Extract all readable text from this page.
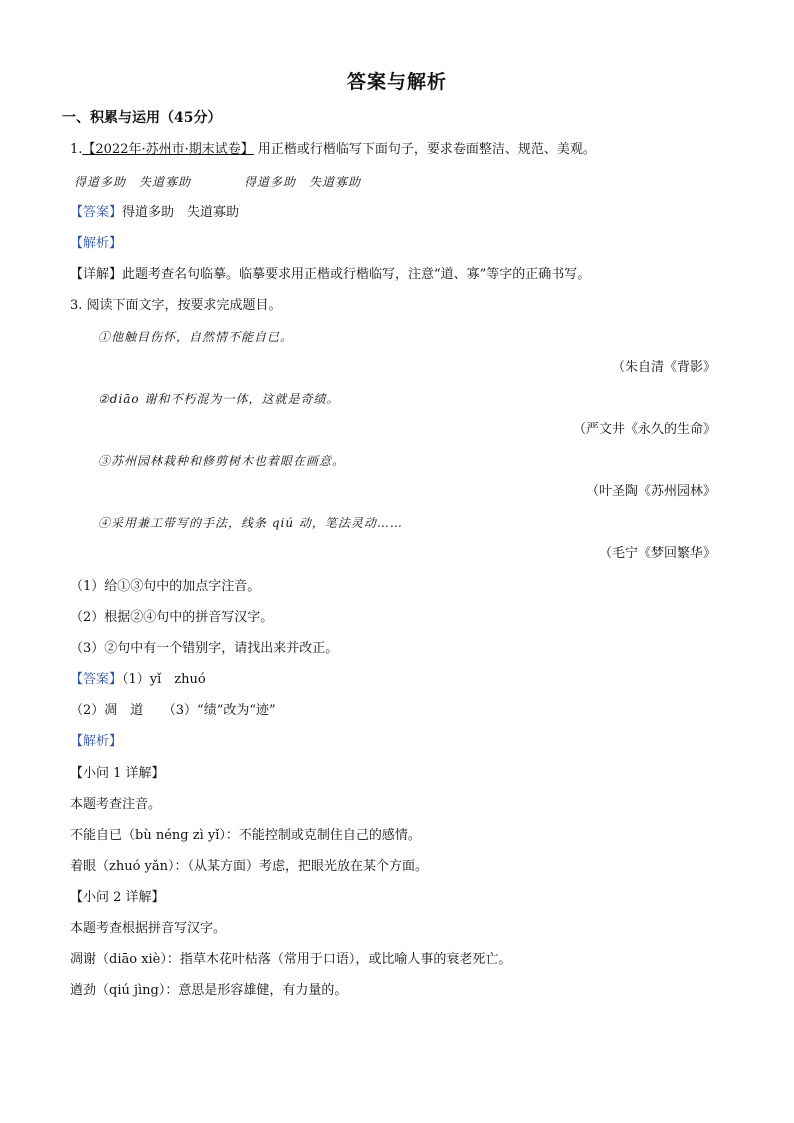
答案与解析
一、积累与运用（45分）
1.【2022年·苏州市·期末试卷】 用正楷或行楷临写下面句子，要求卷面整洁、规范、美观。
得道多助　失道寡助	得道多助　失道寡助
【答案】得道多助　失道寡助
【解析】
【详解】此题考查名句临摹。临摹要求用正楷或行楷临写，注意“道、寡”等字的正确书写。
3. 阅读下面文字，按要求完成题目。
①他触目伤怀，自然情不能自已。
（朱自清《背影》
②diāo 谢和不朽混为一体，这就是奇绩。
（严文井《永久的生命》
③苏州园林栽种和修剪树木也着眼在画意。
（叶圣陶《苏州园林》
④采用兼工带写的手法，线条 qiú 动，笔法灵动……
（毛宁《梦回繁华》
（1）给①③句中的加点字注音。
（2）根据②④句中的拼音写汉字。
（3）②句中有一个错别字，请找出来并改正。
【答案】（1）yǐ　zhuó
（2）凋　道　　（3）“绩”改为“迹”
【解析】
【小问 1 详解】
本题考查注音。
不能自已（bù néng zì yǐ）：不能控制或克制住自己的感情。
着眼（zhuó yǎn）：（从某方面）考虑，把眼光放在某个方面。
【小问 2 详解】
本题考查根据拼音写汉字。
凋谢（diāo xiè）：指草木花叶枯落（常用于口语），或比喻人事的衰老死亡。
遒劲（qiú jìng）：意思是形容雄健，有力量的。
